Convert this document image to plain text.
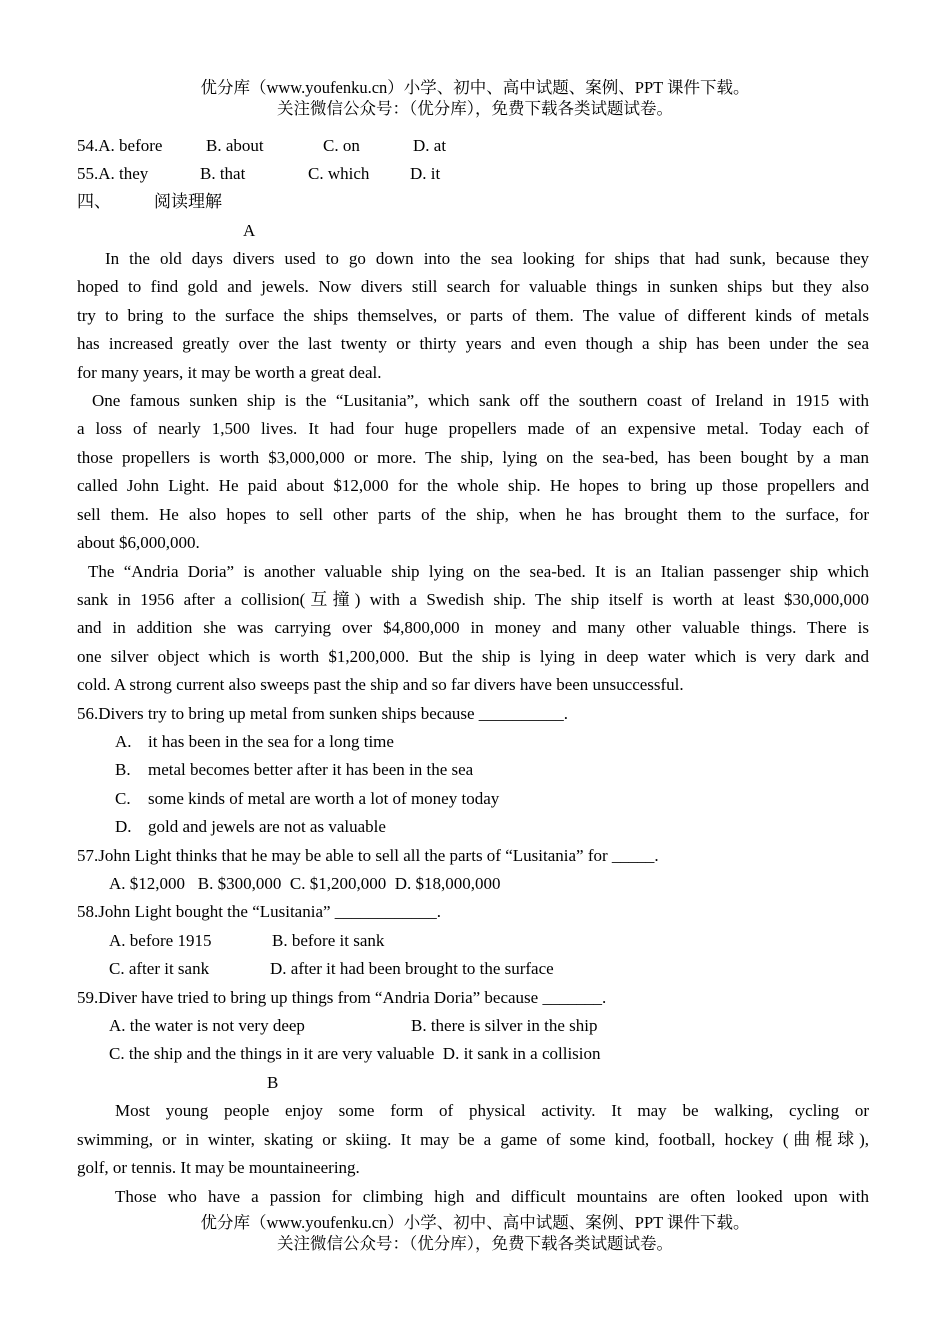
优分库（www.youfenku.cn）小学、初中、高中试题、案例、PPT 课件下载。
关注微信公众号：（优分库），免费下载各类试题试卷。
54.A. before	B. about	C. on	D. at
55.A. they	B. that	C. which D. it
四、	阅读理解
A
In the old days divers used to go down into the sea looking for ships that had sunk, because they
hoped to find gold and jewels. Now divers still search for valuable things in sunken ships but they also
try to bring to the surface the ships themselves, or parts of them. The value of different kinds of metals
has increased greatly over the last twenty or thirty years and even though a ship has been under the sea
for many years, it may be worth a great deal.
One famous sunken ship is the “Lusitania”, which sank off the southern coast of Ireland in 1915 with
a loss of nearly 1,500 lives. It had four huge propellers made of an expensive metal. Today each of
those propellers is worth $3,000,000 or more. The ship, lying on the sea-bed, has been bought by a man
called John Light. He paid about $12,000 for the whole ship. He hopes to bring up those propellers and
sell them. He also hopes to sell other parts of the ship, when he has brought them to the surface, for
about $6,000,000.
The “Andria Doria” is another valuable ship lying on the sea-bed. It is an Italian passenger ship which
sank in 1956 after a collision(互撞) with a Swedish ship. The ship itself is worth at least $30,000,000
and in addition she was carrying over $4,800,000 in money and many other valuable things. There is
one silver object which is worth $1,200,000. But the ship is lying in deep water which is very dark and
cold. A strong current also sweeps past the ship and so far divers have been unsuccessful.
56.Divers try to bring up metal from sunken ships because __________.
A. it has been in the sea for a long time
B. metal becomes better after it has been in the sea
C. some kinds of metal are worth a lot of money today
D. gold and jewels are not as valuable
57.John Light thinks that he may be able to sell all the parts of “Lusitania” for _____.
A. $12,000   B. $300,000  C. $1,200,000  D. $18,000,000
58.John Light bought the “Lusitania” ____________.
A. before 1915	B. before it sank
C. after it sank	D. after it had been brought to the surface
59.Diver have tried to bring up things from “Andria Doria” because _______.
A. the water is not very deep	B. there is silver in the ship
C. the ship and the things in it are very valuable D. it sank in a collision
B
Most young people enjoy some form of physical activity. It may be walking, cycling or
swimming, or in winter, skating or skiing. It may be a game of some kind, football, hockey (曲棍球),
golf, or tennis. It may be mountaineering.
Those who have a passion for climbing high and difficult mountains are often looked upon with
优分库（www.youfenku.cn）小学、初中、高中试题、案例、PPT 课件下载。
关注微信公众号：（优分库），免费下载各类试题试卷。
